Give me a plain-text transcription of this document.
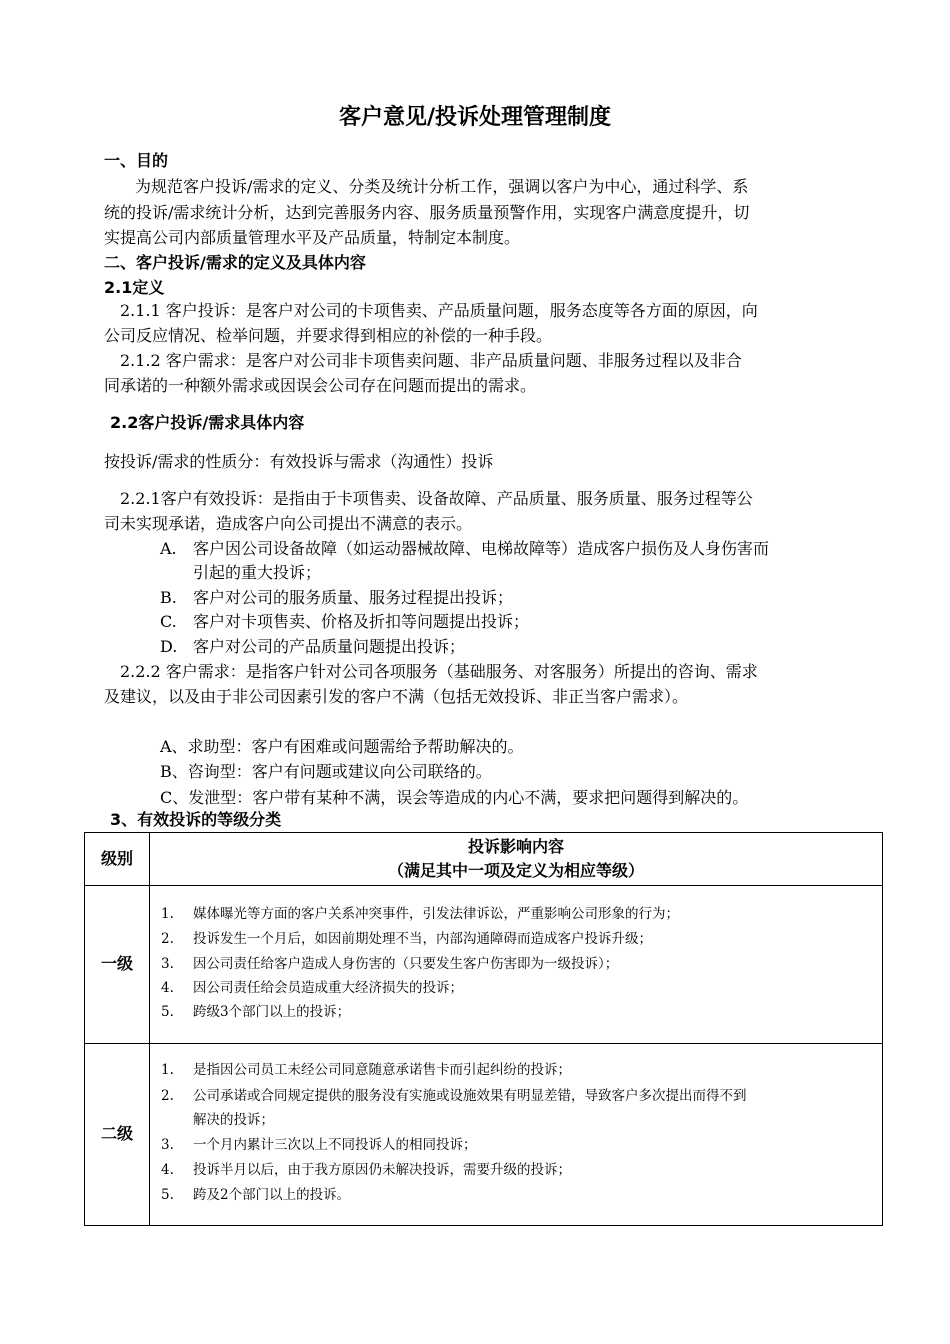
客户意见/投诉处理管理制度
一、目的
为规范客户投诉/需求的定义、分类及统计分析工作，强调以客户为中心，通过科学、系
统的投诉/需求统计分析，达到完善服务内容、服务质量预警作用，实现客户满意度提升，切
实提高公司内部质量管理水平及产品质量，特制定本制度。
二、客户投诉/需求的定义及具体内容
2.1定义
2.1.1 客户投诉：是客户对公司的卡项售卖、产品质量问题，服务态度等各方面的原因，向
公司反应情况、检举问题，并要求得到相应的补偿的一种手段。
2.1.2 客户需求：是客户对公司非卡项售卖问题、非产品质量问题、非服务过程以及非合
同承诺的一种额外需求或因误会公司存在问题而提出的需求。
2.2客户投诉/需求具体内容
按投诉/需求的性质分：有效投诉与需求（沟通性）投诉
2.2.1客户有效投诉：是指由于卡项售卖、设备故障、产品质量、服务质量、服务过程等公
司未实现承诺，造成客户向公司提出不满意的表示。
A. 客户因公司设备故障（如运动器械故障、电梯故障等）造成客户损伤及人身伤害而
引起的重大投诉；
B. 客户对公司的服务质量、服务过程提出投诉；
C. 客户对卡项售卖、价格及折扣等问题提出投诉；
D. 客户对公司的产品质量问题提出投诉；
2.2.2 客户需求：是指客户针对公司各项服务（基础服务、对客服务）所提出的咨询、需求
及建议，以及由于非公司因素引发的客户不满（包括无效投诉、非正当客户需求）。
A、求助型：客户有困难或问题需给予帮助解决的。
B、咨询型：客户有问题或建议向公司联络的。
C、发泄型：客户带有某种不满，误会等造成的内心不满，要求把问题得到解决的。
3、有效投诉的等级分类
级别
投诉影响内容
（满足其中一项及定义为相应等级）
一级
1. 媒体曝光等方面的客户关系冲突事件，引发法律诉讼，严重影响公司形象的行为；
2. 投诉发生一个月后，如因前期处理不当，内部沟通障碍而造成客户投诉升级；
3. 因公司责任给客户造成人身伤害的（只要发生客户伤害即为一级投诉）；
4. 因公司责任给会员造成重大经济损失的投诉；
5. 跨级3个部门以上的投诉；
二级
1. 是指因公司员工未经公司同意随意承诺售卡而引起纠纷的投诉；
2. 公司承诺或合同规定提供的服务没有实施或设施效果有明显差错，导致客户多次提出而得不到
解决的投诉；
3. 一个月内累计三次以上不同投诉人的相同投诉；
4. 投诉半月以后，由于我方原因仍未解决投诉，需要升级的投诉；
5. 跨及2个部门以上的投诉。
